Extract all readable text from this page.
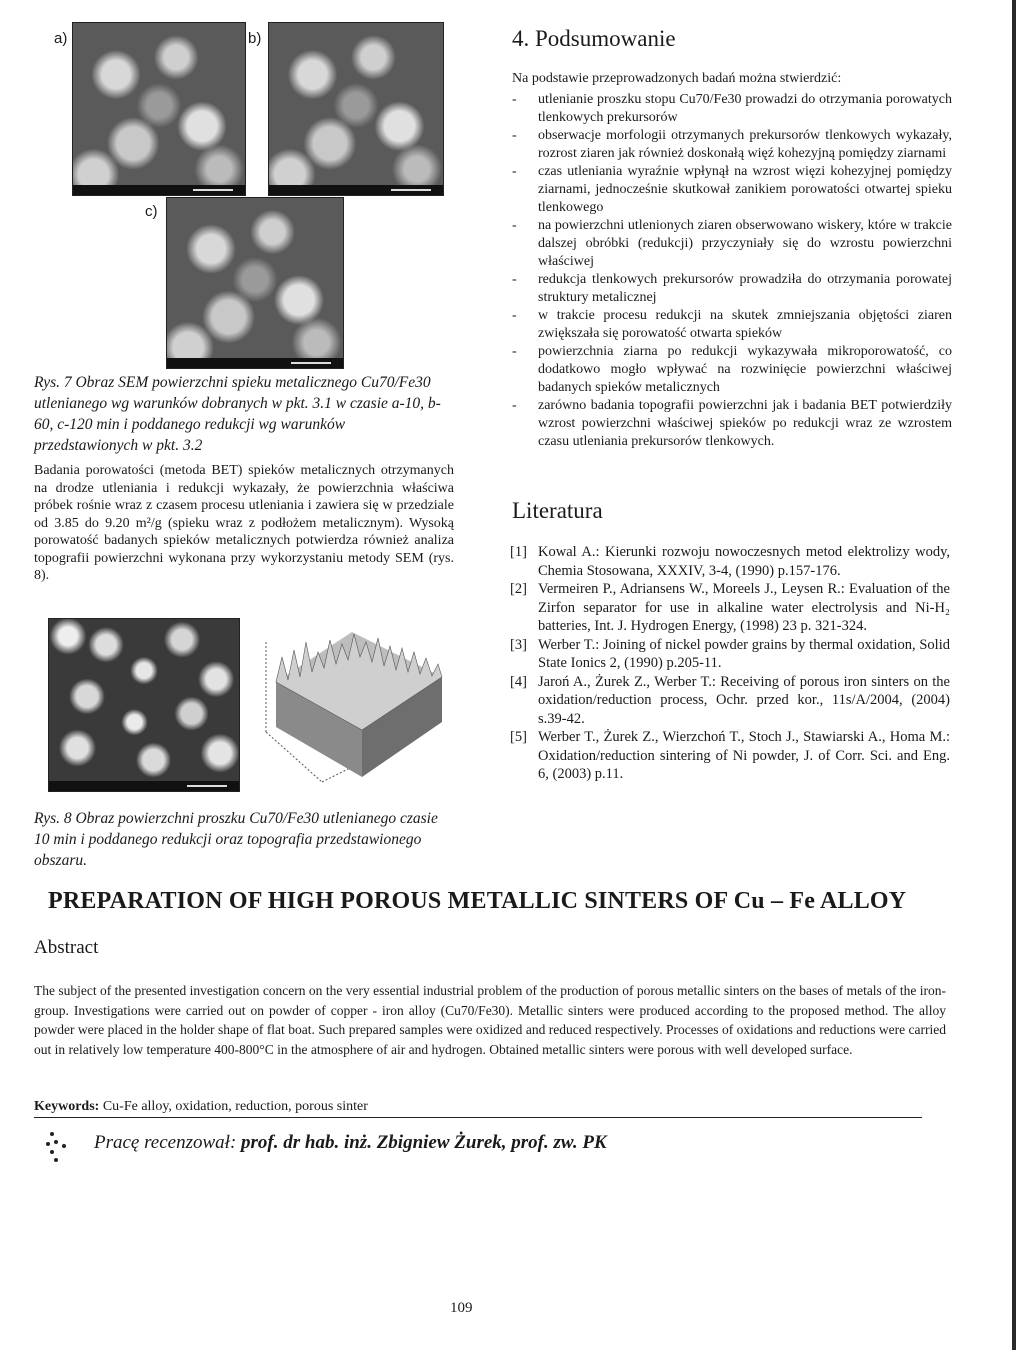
a)	b)
c)
Rys. 7 Obraz SEM powierzchni spieku metalicznego Cu70/Fe30 utlenianego wg warunków dobranych w pkt. 3.1 w czasie a-10, b-60, c-120 min i poddanego redukcji wg warunków przedstawionych w pkt. 3.2
Badania porowatości (metoda BET) spieków metalicznych otrzymanych na drodze utleniania i redukcji wykazały, że powierzchnia właściwa próbek rośnie wraz z czasem procesu utleniania i zawiera się w przedziale od 3.85 do 9.20 m²/g (spieku wraz z podłożem metalicznym). Wysoką porowatość badanych spieków metalicznych potwierdza również analiza topografii powierzchni wykonana przy wykorzystaniu metody SEM (rys. 8).
Rys. 8 Obraz powierzchni proszku Cu70/Fe30 utlenianego czasie 10 min i poddanego redukcji oraz topografia przedstawionego obszaru.
4. Podsumowanie
Na podstawie przeprowadzonych badań można stwierdzić:
- utlenianie proszku stopu Cu70/Fe30 prowadzi do otrzymania porowatych tlenkowych prekursorów
- obserwacje morfologii otrzymanych prekursorów tlenkowych wykazały, rozrost ziaren jak również doskonałą więź kohezyjną pomiędzy ziarnami
- czas utleniania wyraźnie wpłynął na wzrost więzi kohezyjnej pomiędzy ziarnami, jednocześnie skutkował zanikiem porowatości otwartej spieku tlenkowego
- na powierzchni utlenionych ziaren obserwowano wiskery, które w trakcie dalszej obróbki (redukcji) przyczyniały się do wzrostu powierzchni właściwej
- redukcja tlenkowych prekursorów prowadziła do otrzymania porowatej struktury metalicznej
- w trakcie procesu redukcji na skutek zmniejszania objętości ziaren zwiększała się porowatość otwarta spieków
- powierzchnia ziarna po redukcji wykazywała mikroporowatość, co dodatkowo mogło wpływać na rozwinięcie powierzchni właściwej badanych spieków metalicznych
- zarówno badania topografii powierzchni jak i badania BET potwierdziły wzrost powierzchni właściwej spieków po redukcji wraz ze wzrostem czasu utleniania prekursorów tlenkowych.
Literatura
[1] Kowal A.: Kierunki rozwoju nowoczesnych metod elektrolizy wody, Chemia Stosowana, XXXIV, 3-4, (1990) p.157-176.
[2] Vermeiren P., Adriansens W., Moreels J., Leysen R.: Evaluation of the Zirfon separator for use in alkaline water electrolysis and Ni-H₂ batteries, Int. J. Hydrogen Energy, (1998) 23 p. 321-324.
[3] Werber T.: Joining of nickel powder grains by thermal oxidation, Solid State Ionics 2, (1990) p.205-11.
[4] Jaroń A., Żurek Z., Werber T.: Receiving of porous iron sinters on the oxidation/reduction process, Ochr. przed kor., 11s/A/2004, (2004) s.39-42.
[5] Werber T., Żurek Z., Wierzchoń T., Stoch J., Stawiarski A., Homa M.: Oxidation/reduction sintering of Ni powder, J. of Corr. Sci. and Eng. 6, (2003) p.11.
PREPARATION OF HIGH POROUS METALLIC SINTERS OF Cu – Fe ALLOY
Abstract
The subject of the presented investigation concern on the very essential industrial problem of the production of porous metallic sinters on the bases of metals of the iron-group. Investigations were carried out on powder of copper - iron alloy (Cu70/Fe30). Metallic sinters were produced according to the proposed method. The alloy powder were placed in the holder shape of flat boat. Such prepared samples were oxidized and reduced respectively. Processes of oxidations and reductions were carried out in relatively low temperature 400-800°C in the atmosphere of air and hydrogen. Obtained metallic sinters were porous with well developed surface.
Keywords: Cu-Fe alloy, oxidation, reduction, porous sinter
Pracę recenzował: prof. dr hab. inż. Zbigniew Żurek, prof. zw. PK
109
